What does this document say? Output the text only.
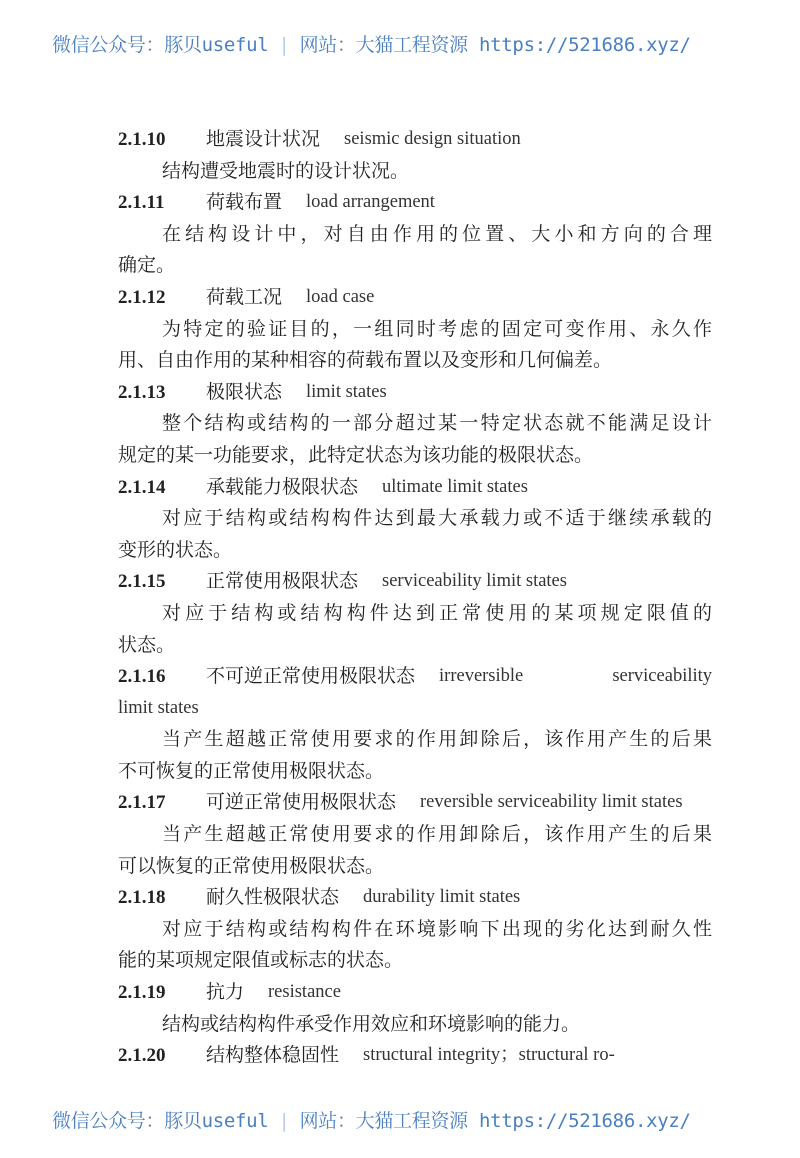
微信公众号：豚贝useful | 网站：大猫工程资源 https://521686.xyz/
2.1.10	地震设计状况 seismic design situation
结构遭受地震时的设计状况。
2.1.11	荷载布置 load arrangement
在结构设计中，对自由作用的位置、大小和方向的合理
确定。
2.1.12	荷载工况 load case
为特定的验证目的，一组同时考虑的固定可变作用、永久作
用、自由作用的某种相容的荷载布置以及变形和几何偏差。
2.1.13	极限状态 limit states
整个结构或结构的一部分超过某一特定状态就不能满足设计
规定的某一功能要求，此特定状态为该功能的极限状态。
2.1.14	承载能力极限状态 ultimate limit states
对应于结构或结构构件达到最大承载力或不适于继续承载的
变形的状态。
2.1.15	正常使用极限状态 serviceability limit states
对应于结构或结构构件达到正常使用的某项规定限值的
状态。
2.1.16	不可逆正常使用极限状态 irreversible serviceability
limit states
当产生超越正常使用要求的作用卸除后，该作用产生的后果
不可恢复的正常使用极限状态。
2.1.17	可逆正常使用极限状态 reversible serviceability limit states
当产生超越正常使用要求的作用卸除后，该作用产生的后果
可以恢复的正常使用极限状态。
2.1.18	耐久性极限状态 durability limit states
对应于结构或结构构件在环境影响下出现的劣化达到耐久性
能的某项规定限值或标志的状态。
2.1.19	抗力 resistance
结构或结构构件承受作用效应和环境影响的能力。
2.1.20	结构整体稳固性 structural integrity；structural ro-
微信公众号：豚贝useful | 网站：大猫工程资源 https://521686.xyz/
